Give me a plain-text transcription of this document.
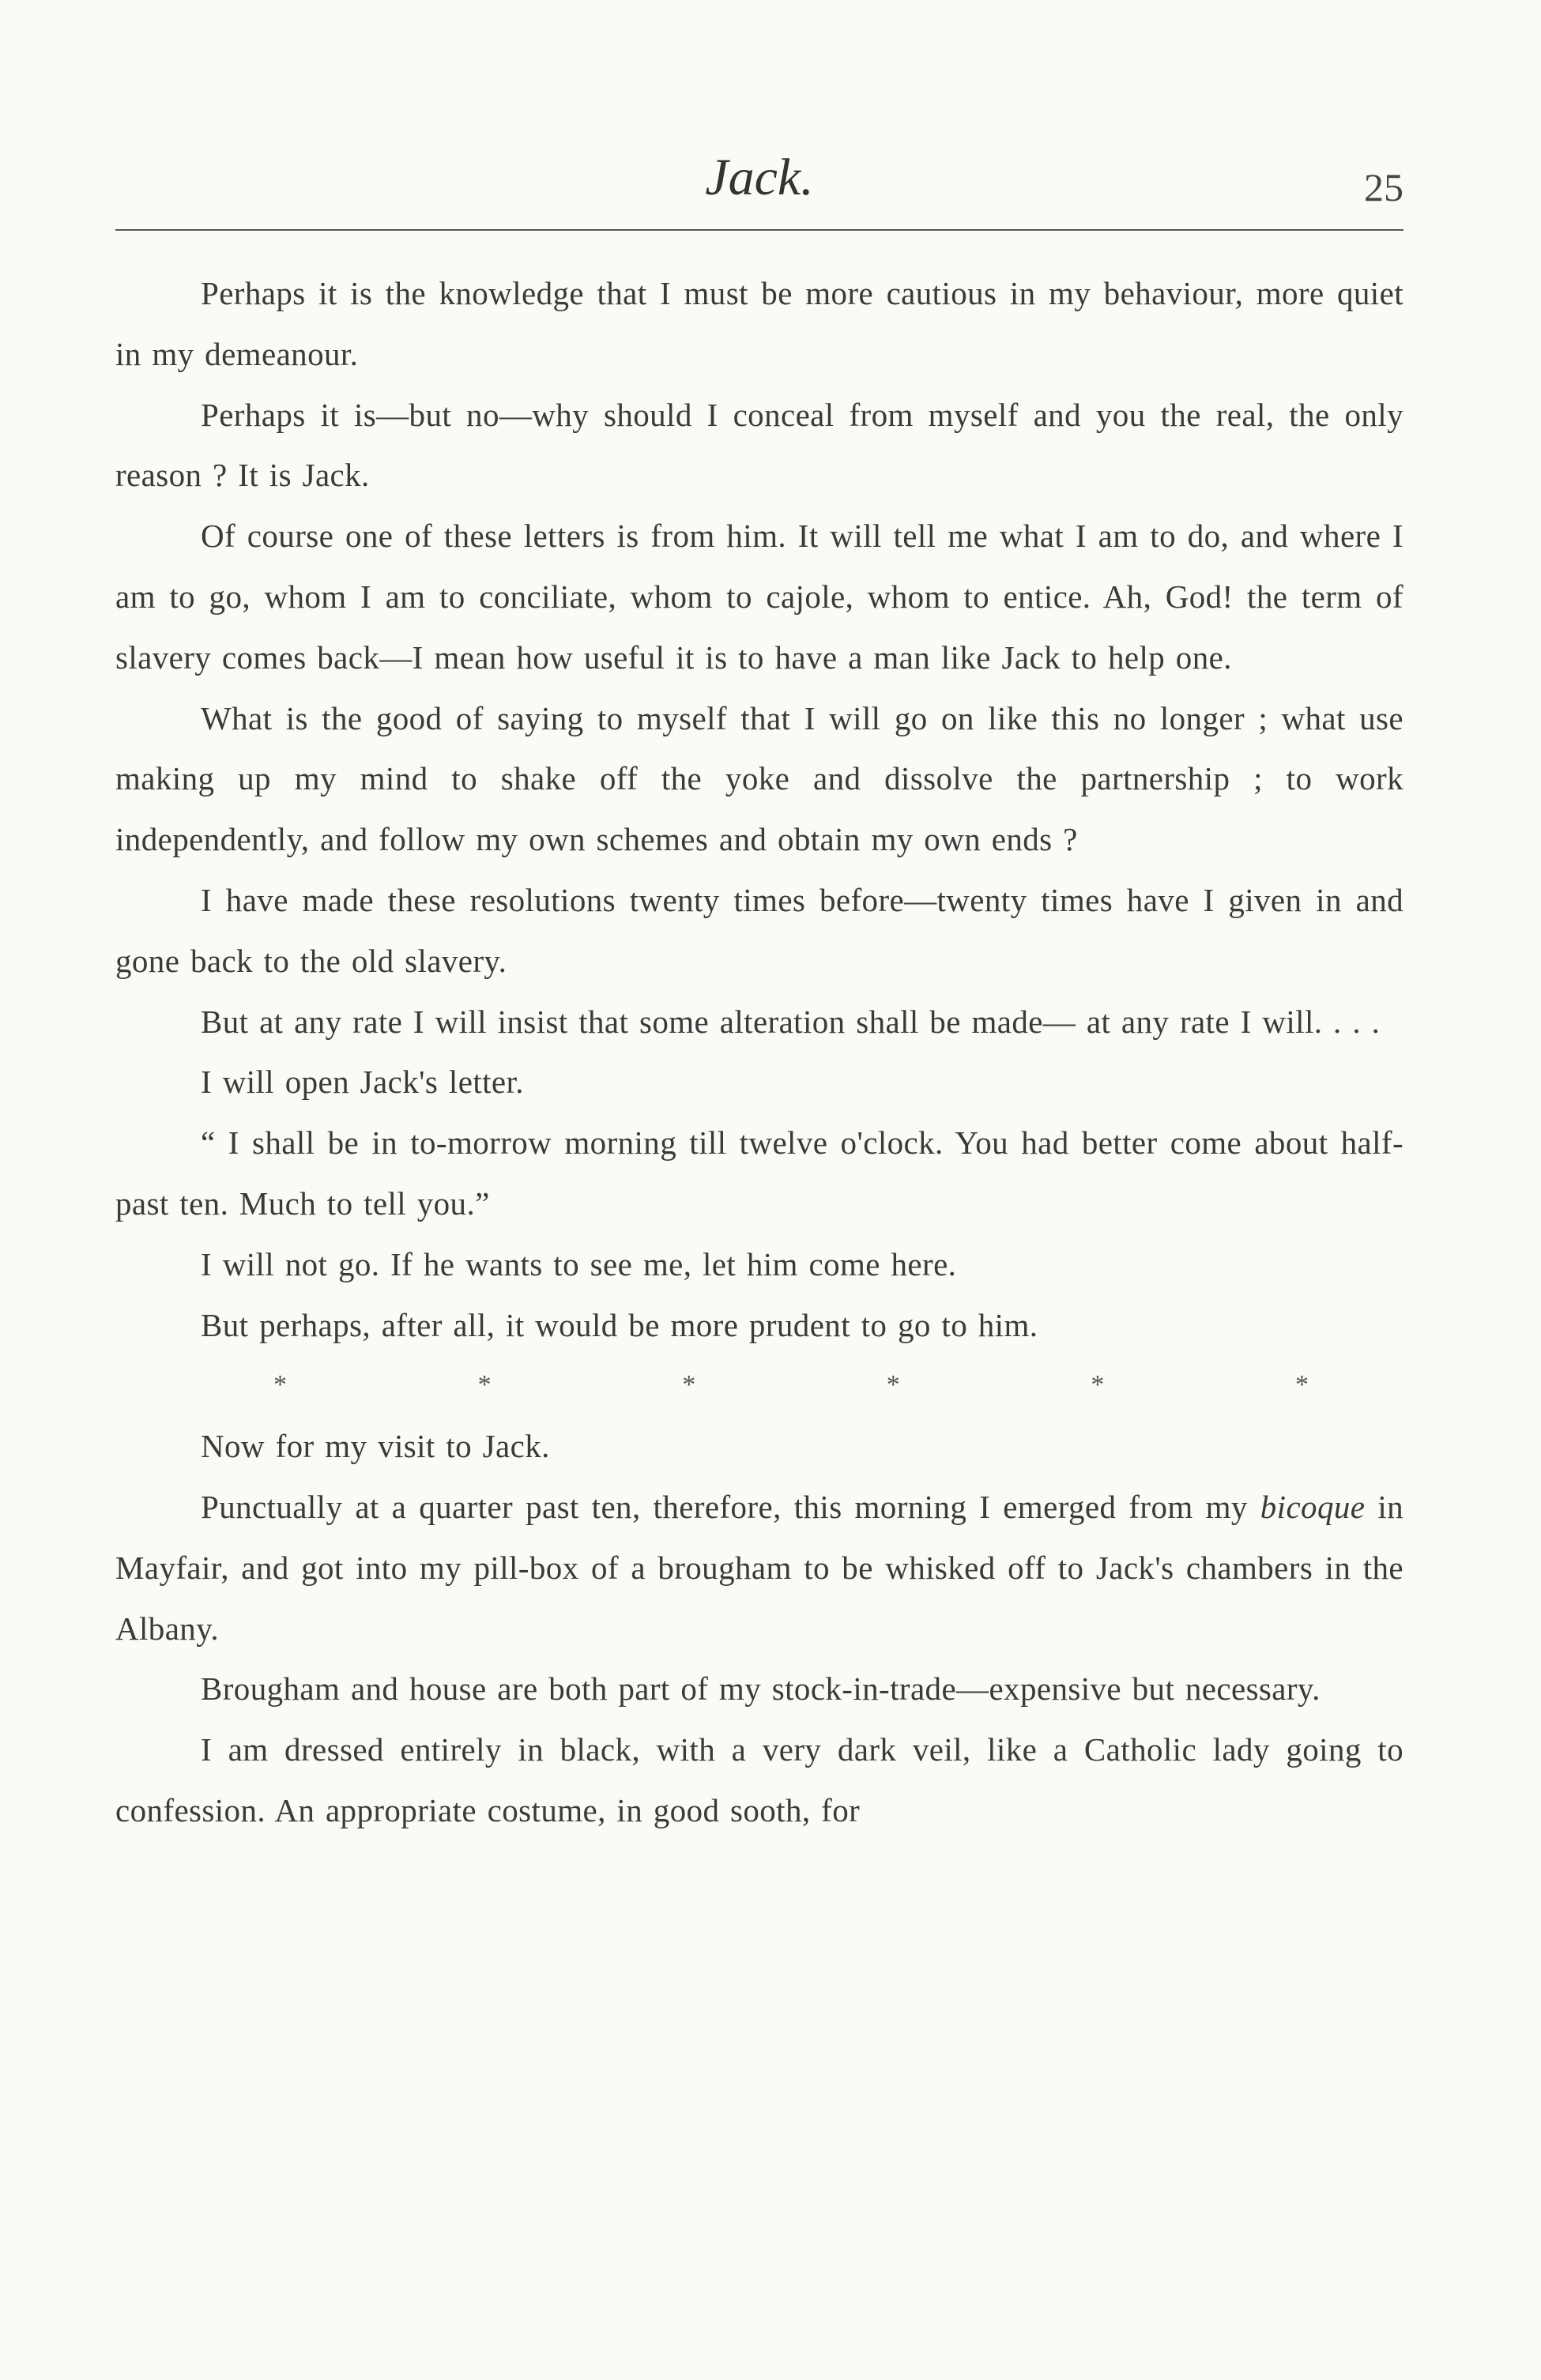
Jack.	25

Perhaps it is the knowledge that I must be more cautious in my behaviour, more quiet in my demeanour.

Perhaps it is—but no—why should I conceal from myself and you the real, the only reason ? It is Jack.

Of course one of these letters is from him. It will tell me what I am to do, and where I am to go, whom I am to conciliate, whom to cajole, whom to entice. Ah, God! the term of slavery comes back—I mean how useful it is to have a man like Jack to help one.

What is the good of saying to myself that I will go on like this no longer ; what use making up my mind to shake off the yoke and dissolve the partnership ; to work independently, and follow my own schemes and obtain my own ends ?

I have made these resolutions twenty times before—twenty times have I given in and gone back to the old slavery.

But at any rate I will insist that some alteration shall be made— at any rate I will. . . .

I will open Jack's letter.

“ I shall be in to-morrow morning till twelve o'clock. You had better come about half-past ten. Much to tell you.”

I will not go. If he wants to see me, let him come here.

But perhaps, after all, it would be more prudent to go to him.

*	*	*	*	*	*

Now for my visit to Jack.

Punctually at a quarter past ten, therefore, this morning I emerged from my bicoque in Mayfair, and got into my pill-box of a brougham to be whisked off to Jack's chambers in the Albany.

Brougham and house are both part of my stock-in-trade—expensive but necessary.

I am dressed entirely in black, with a very dark veil, like a Catholic lady going to confession. An appropriate costume, in good sooth, for
